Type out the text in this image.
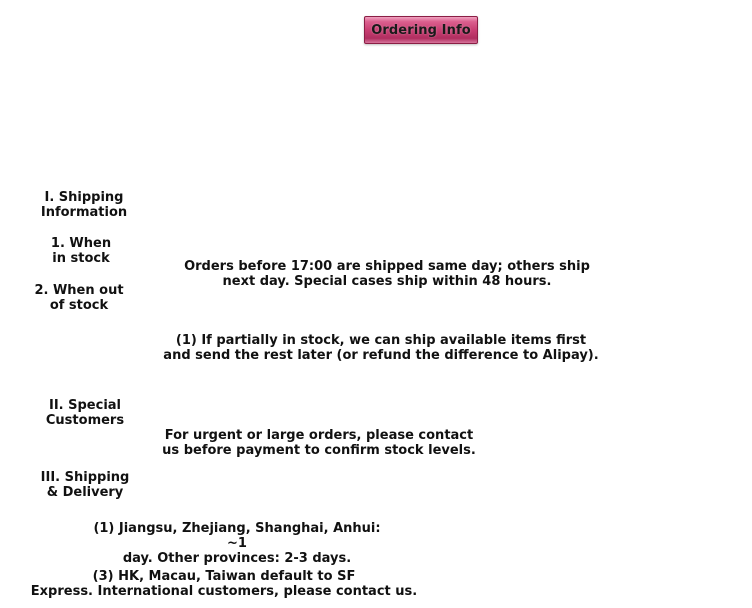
Ordering Info
I. Shipping
Information
1. When
in stock
Orders before 17:00 are shipped same day; others ship
next day. Special cases ship within 48 hours.
2. When out
of stock
(1) If partially in stock, we can ship available items first
and send the rest later (or refund the difference to Alipay).
II. Special
Customers
For urgent or large orders, please contact
us before payment to confirm stock levels.
III. Shipping
& Delivery
(1) Jiangsu, Zhejiang, Shanghai, Anhui: ~1
day. Other provinces: 2-3 days.
(3) HK, Macau, Taiwan default to SF
Express. International customers, please contact us.
